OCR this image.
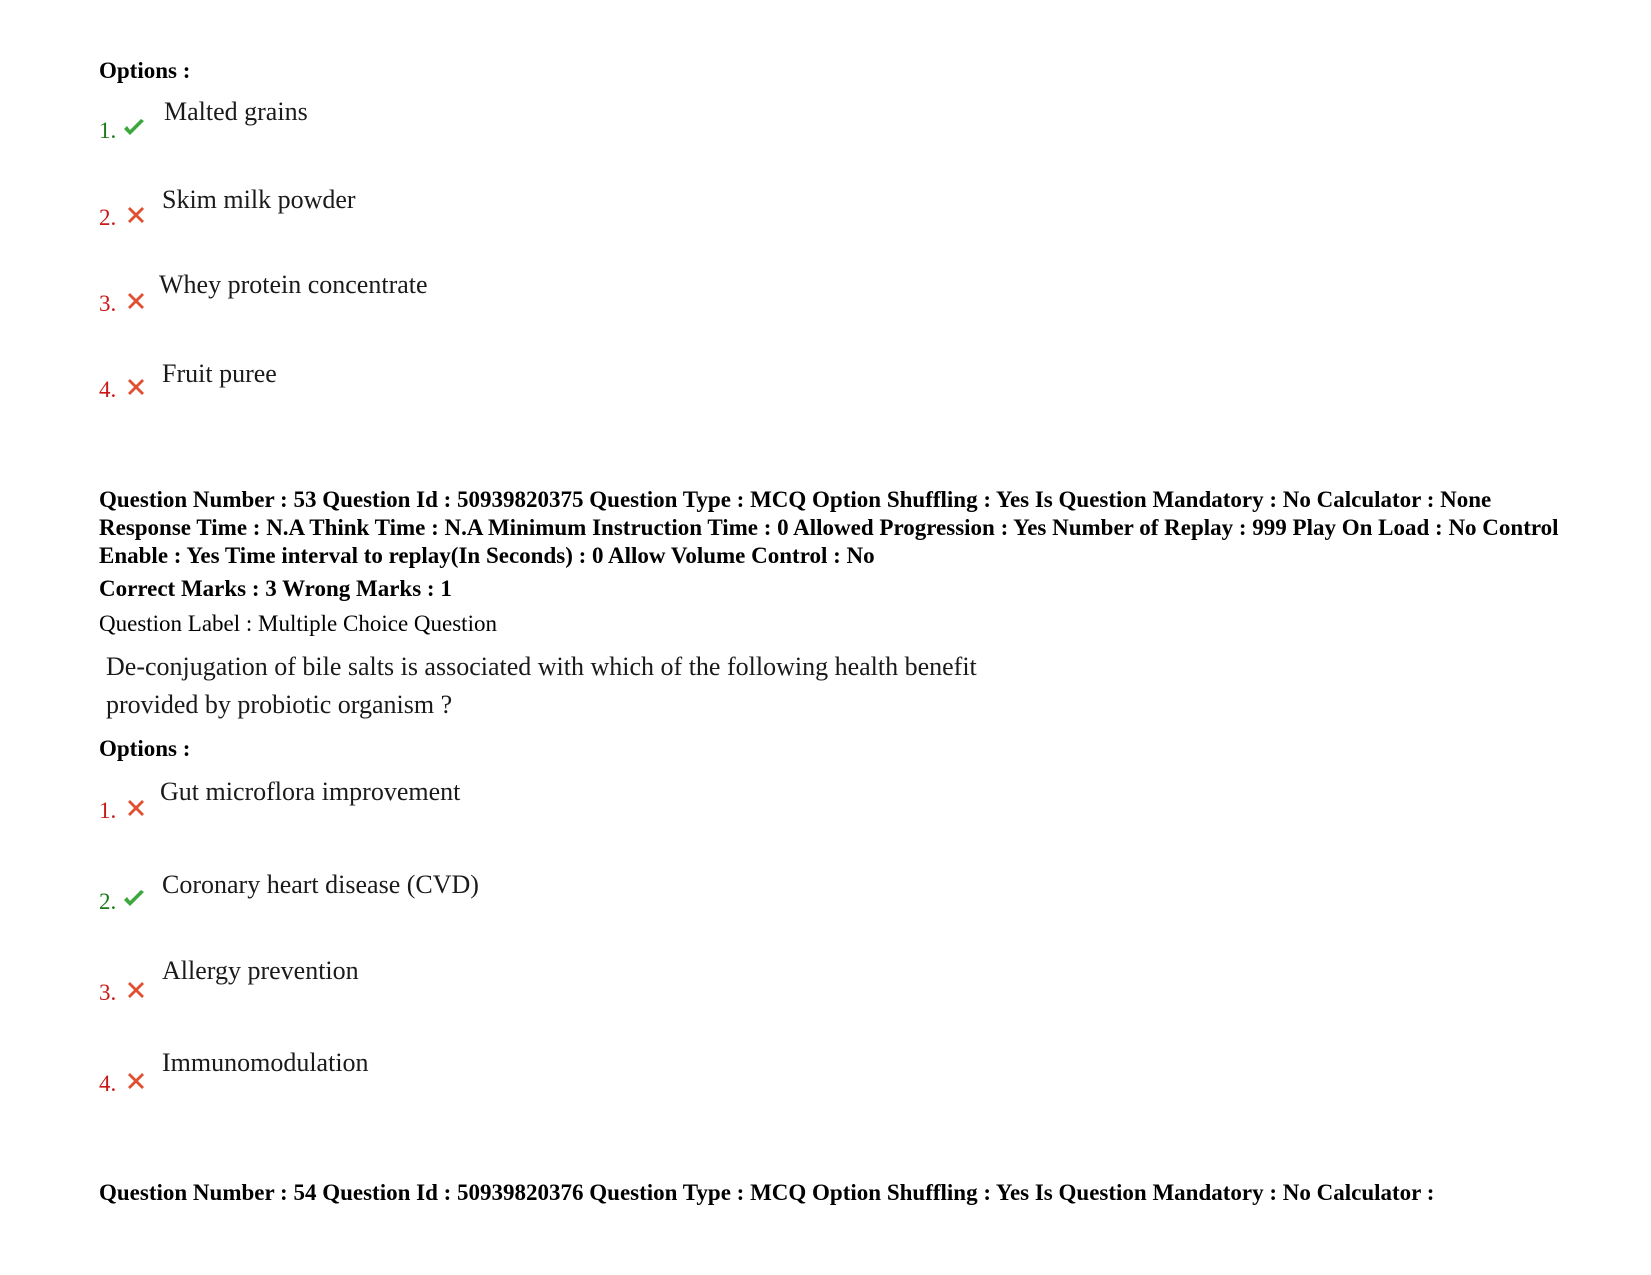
Options :
1.
Malted grains
2.
Skim milk powder
3.
Whey protein concentrate
4.
Fruit puree
Question Number : 53 Question Id : 50939820375 Question Type : MCQ Option Shuffling : Yes Is Question Mandatory : No Calculator : None Response Time : N.A Think Time : N.A Minimum Instruction Time : 0 Allowed Progression : Yes Number of Replay : 999 Play On Load : No Control Enable : Yes Time interval to replay(In Seconds) : 0 Allow Volume Control : No
Correct Marks : 3 Wrong Marks : 1
Question Label : Multiple Choice Question
De-conjugation of bile salts is associated with which of the following health benefit
provided by probiotic organism ?
Options :
1.
Gut microflora improvement
2.
Coronary heart disease (CVD)
3.
Allergy prevention
4.
Immunomodulation
Question Number : 54 Question Id : 50939820376 Question Type : MCQ Option Shuffling : Yes Is Question Mandatory : No Calculator :
